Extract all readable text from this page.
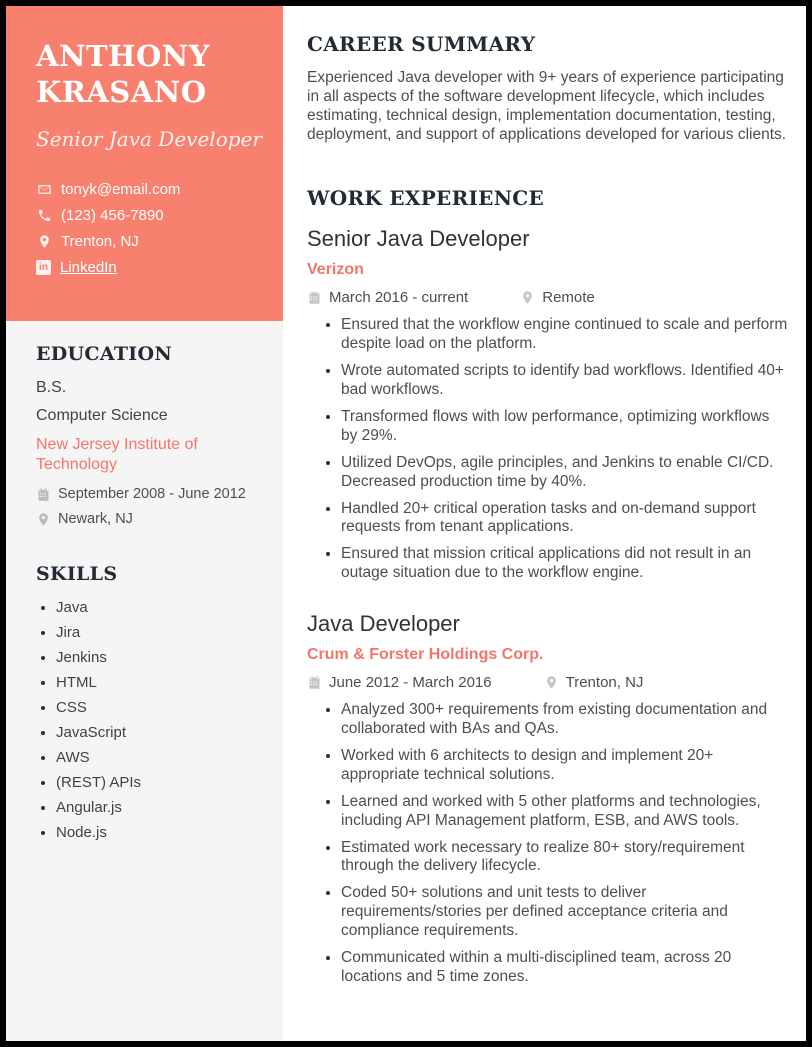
ANTHONY
KRASANO
Senior Java Developer
tonyk@email.com
(123) 456-7890
Trenton, NJ
in LinkedIn
EDUCATION
B.S.
Computer Science
New Jersey Institute of Technology
September 2008 - June 2012
Newark, NJ
SKILLS
• Java
• Jira
• Jenkins
• HTML
• CSS
• JavaScript
• AWS
• (REST) APIs
• Angular.js
• Node.js
CAREER SUMMARY

Experienced Java developer with 9+ years of experience participating in all aspects of the software development lifecycle, which includes estimating, technical design, implementation documentation, testing, deployment, and support of applications developed for various clients.

WORK EXPERIENCE
Senior Java Developer
Verizon
March 2016 - current	Remote
• Ensured that the workflow engine continued to scale and perform despite load on the platform.
• Wrote automated scripts to identify bad workflows. Identified 40+ bad workflows.
• Transformed flows with low performance, optimizing workflows by 29%.
• Utilized DevOps, agile principles, and Jenkins to enable CI/CD. Decreased production time by 40%.
• Handled 20+ critical operation tasks and on-demand support requests from tenant applications.
• Ensured that mission critical applications did not result in an outage situation due to the workflow engine.
Java Developer
Crum & Forster Holdings Corp.
June 2012 - March 2016	Trenton, NJ
• Analyzed 300+ requirements from existing documentation and collaborated with BAs and QAs.
• Worked with 6 architects to design and implement 20+ appropriate technical solutions.
• Learned and worked with 5 other platforms and technologies, including API Management platform, ESB, and AWS tools.
• Estimated work necessary to realize 80+ story/requirement through the delivery lifecycle.
• Coded 50+ solutions and unit tests to deliver requirements/stories per defined acceptance criteria and compliance requirements.
• Communicated within a multi-disciplined team, across 20 locations and 5 time zones.
